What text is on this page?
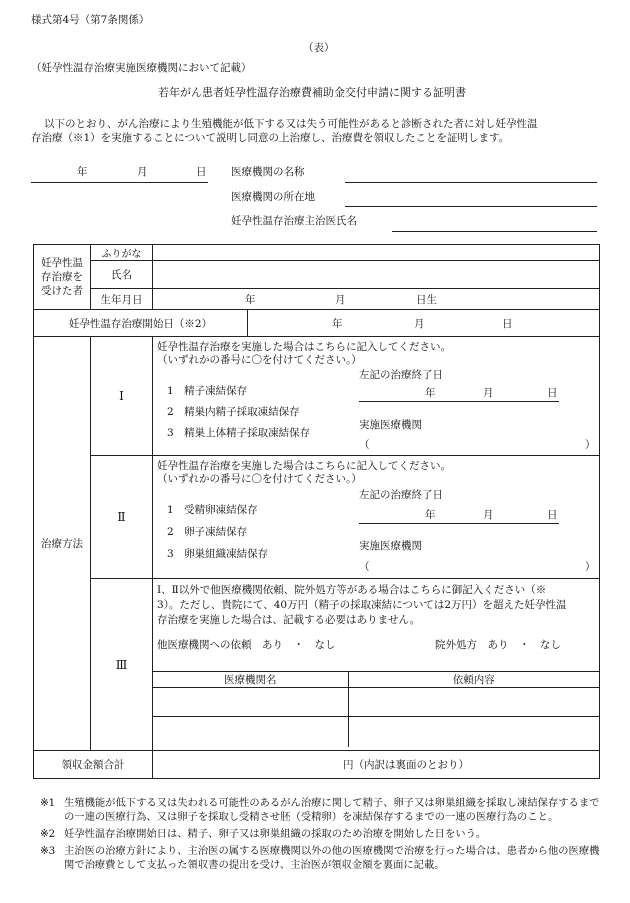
様式第4号（第7条関係）
（表）
（妊孕性温存治療実施医療機関において記載）
若年がん患者妊孕性温存治療費補助金交付申請に関する証明書
以下のとおり、がん治療により生殖機能が低下する又は失う可能性があると診断された者に対し妊孕性温
存治療（※1）を実施することについて説明し同意の上治療し、治療費を領収したことを証明します。
年	月	日 医療機関の名称
医療機関の所在地
妊孕性温存治療主治医氏名
妊孕性温存治療を受けた者	ふりがな	
氏名	
生年月日	年	月	日生

妊孕性温存治療開始日（※2）	年	月	日

治療方法	Ⅰ	
妊孕性温存治療を実施した場合はこちらに記入してください。
（いずれかの番号に〇を付けてください。）
左記の治療終了日
年	月	日
1　精子凍結保存
2　精巣内精子採取凍結保存
3　精巣上体精子採取凍結保存
実施医療機関
（	）

Ⅱ	
妊孕性温存治療を実施した場合はこちらに記入してください。
（いずれかの番号に〇を付けてください。）
左記の治療終了日
年	月	日
1　受精卵凍結保存
2　卵子凍結保存
3　卵巣組織凍結保存
実施医療機関
（	）

Ⅲ	
Ⅰ、Ⅱ以外で他医療機関依頼、院外処方等がある場合はこちらに御記入ください（※
3）。ただし、貴院にて、40万円（精子の採取凍結については2万円）を超えた妊孕性温
存治療を実施した場合は、記載する必要はありません。
他医療機関への依頼　あり　・　なし	院外処方　あり　・　なし
医療機関名	依頼内容

領収金額合計	円（内訳は裏面のとおり）
※1 生殖機能が低下する又は失われる可能性のあるがん治療に関して精子、卵子又は卵巣組織を採取し凍結保存するまでの一連の医療行為、又は卵子を採取し受精させ胚（受精卵）を凍結保存するまでの一連の医療行為のこと。
※2 妊孕性温存治療開始日は、精子、卵子又は卵巣組織の採取のため治療を開始した日をいう。
※3 主治医の治療方針により、主治医の属する医療機関以外の他の医療機関で治療を行った場合は、患者から他の医療機関で治療費として支払った領収書の提出を受け、主治医が領収金額を裏面に記載。
